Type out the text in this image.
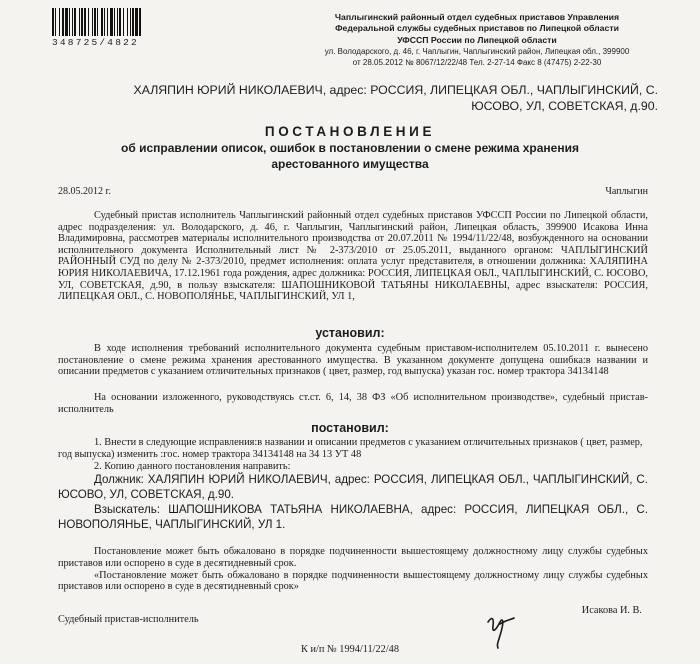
348725/4822
Чаплыгинский районный отдел судебных приставов Управления
Федеральной службы судебных приставов по Липецкой области
УФССП России по Липецкой области
ул. Володарского, д. 46, г. Чаплыгин, Чаплыгинский район, Липецкая обл., 399900
от 28.05.2012 № 8067/12/22/48 Тел. 2-27-14 Факс 8 (47475) 2-22-30
ХАЛЯПИН ЮРИЙ НИКОЛАЕВИЧ, адрес: РОССИЯ, ЛИПЕЦКАЯ ОБЛ., ЧАПЛЫГИНСКИЙ, С.
ЮСОВО, УЛ, СОВЕТСКАЯ, д.90.
ПОСТАНОВЛЕНИЕ
об исправлении описок, ошибок в постановлении о смене режима хранения
арестованного имущества
28.05.2012 г.	Чаплыгин
Судебный пристав исполнитель Чаплыгинский районный отдел судебных приставов УФССП России по Липецкой области, адрес подразделения: ул. Володарского, д. 46, г. Чаплыгин, Чаплыгинский район, Липецкая область, 399900 Исакова Инна Владимировна, рассмотрев материалы исполнительного производства от 20.07.2011 № 1994/11/22/48, возбужденного на основании исполнительного документа Исполнительный лист № 2-373/2010 от 25.05.2011, выданного органом: ЧАПЛЫГИНСКИЙ РАЙОННЫЙ СУД по делу № 2-373/2010, предмет исполнения: оплата услуг представителя, в отношении должника: ХАЛЯПИНА ЮРИЯ НИКОЛАЕВИЧА, 17.12.1961 года рождения, адрес должника: РОССИЯ, ЛИПЕЦКАЯ ОБЛ., ЧАПЛЫГИНСКИЙ, С. ЮСОВО, УЛ, СОВЕТСКАЯ, д.90, в пользу взыскателя: ШАПОШНИКОВОЙ ТАТЬЯНЫ НИКОЛАЕВНЫ, адрес взыскателя: РОССИЯ, ЛИПЕЦКАЯ ОБЛ., С. НОВОПОЛЯНЬЕ, ЧАПЛЫГИНСКИЙ, УЛ 1,
установил:
В ходе исполнения требований исполнительного документа судебным приставом-исполнителем 05.10.2011 г. вынесено постановление о смене режима хранения арестованного имущества. В указанном документе допущена ошибка:в названии и описании предметов с указанием отличительных признаков ( цвет, размер, год выпуска) указан гос. номер трактора 34134148
На основании изложенного, руководствуясь ст.ст. 6, 14, 38 ФЗ «Об исполнительном производстве», судебный пристав-исполнитель
постановил:
1. Внести в следующие исправления:в названии и описании предметов с указанием отличительных признаков ( цвет, размер, год выпуска) изменить :гос. номер трактора 34134148 на 34 13 УТ 48
2. Копию данного постановления направить:
Должник: ХАЛЯПИН ЮРИЙ НИКОЛАЕВИЧ, адрес: РОССИЯ, ЛИПЕЦКАЯ ОБЛ., ЧАПЛЫГИНСКИЙ, С. ЮСОВО, УЛ, СОВЕТСКАЯ, д.90.
Взыскатель: ШАПОШНИКОВА ТАТЬЯНА НИКОЛАЕВНА, адрес: РОССИЯ, ЛИПЕЦКАЯ ОБЛ., С. НОВОПОЛЯНЬЕ, ЧАПЛЫГИНСКИЙ, УЛ 1.
Постановление может быть обжаловано в порядке подчиненности вышестоящему должностному лицу службы судебных приставов или оспорено в суде в десятидневный срок.
«Постановление может быть обжаловано в порядке подчиненности вышестоящему должностному лицу службы судебных приставов или оспорено в суде в десятидневный срок»
Судебный пристав-исполнитель
Исакова И. В.
К и/п № 1994/11/22/48
